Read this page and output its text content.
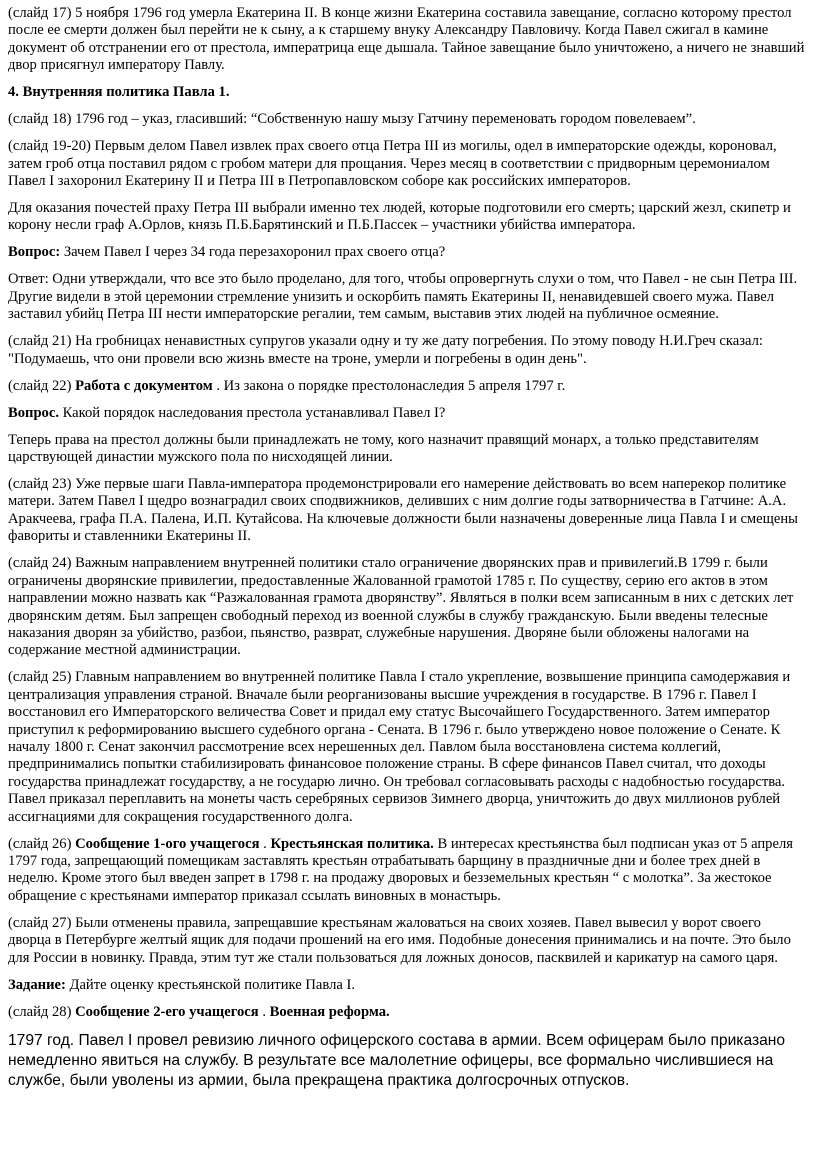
(слайд 17) 5 ноября 1796 год умерла Екатерина II. В конце жизни Екатерина составила завещание, согласно которому престол после ее смерти должен был перейти не к сыну, а к старшему внуку Александру Павловичу. Когда Павел сжигал в камине документ об отстранении его от престола, императрица еще дышала. Тайное завещание было уничтожено, а ничего не знавший двор присягнул императору Павлу.

4. Внутренняя политика Павла 1.

(слайд 18) 1796 год – указ, гласивший: “Собственную нашу мызу Гатчину переменовать городом повелеваем”.

(слайд 19-20) Первым делом Павел извлек прах своего отца Петра III из могилы, одел в императорские одежды, короновал, затем гроб отца поставил рядом с гробом матери для прощания. Через месяц в соответствии с придворным церемониалом Павел I захоронил Екатерину II и Петра III в Петропавловском соборе как российских императоров.

Для оказания почестей праху Петра III выбрали именно тех людей, которые подготовили его смерть; царский жезл, скипетр и корону несли граф А.Орлов, князь П.Б.Барятинский и П.Б.Пассек – участники убийства императора.

Вопрос: Зачем Павел I через 34 года перезахоронил прах своего отца?

Ответ: Одни утверждали, что все это было проделано, для того, чтобы опровергнуть слухи о том, что Павел - не сын Петра III. Другие видели в этой церемонии стремление унизить и оскорбить память Екатерины II, ненавидевшей своего мужа. Павел заставил убийц Петра III нести императорские регалии, тем самым, выставив этих людей на публичное осмеяние.

(слайд 21) На гробницах ненавистных супругов указали одну и ту же дату погребения. По этому поводу Н.И.Греч сказал: "Подумаешь, что они провели всю жизнь вместе на троне, умерли и погребены в один день".

(слайд 22) Работа с документом . Из закона о порядке престолонаследия 5 апреля 1797 г.

Вопрос. Какой порядок наследования престола устанавливал Павел I?

Теперь права на престол должны были принадлежать не тому, кого назначит правящий монарх, а только представителям царствующей династии мужского пола по нисходящей линии.

(слайд 23) Уже первые шаги Павла-императора продемонстрировали его намерение действовать во всем наперекор политике матери. Затем Павел I щедро вознаградил своих сподвижников, деливших с ним долгие годы затворничества в Гатчине: А.А. Аракчеева, графа П.А. Палена, И.П. Кутайсова. На ключевые должности были назначены доверенные лица Павла I и смещены фавориты и ставленники Екатерины II.

(слайд 24) Важным направлением внутренней политики стало ограничение дворянских прав и привилегий.В 1799 г. были ограничены дворянские привилегии, предоставленные Жалованной грамотой 1785 г. По существу, серию его актов в этом направлении можно назвать как “Разжалованная грамота дворянству”. Являться в полки всем записанным в них с детских лет дворянским детям. Был запрещен свободный переход из военной службы в службу гражданскую. Были введены телесные наказания дворян за убийство, разбои, пьянство, разврат, служебные нарушения. Дворяне были обложены налогами на содержание местной администрации.

(слайд 25) Главным направлением во внутренней политике Павла I стало укрепление, возвышение принципа самодержавия и централизация управления страной. Вначале были реорганизованы высшие учреждения в государстве. В 1796 г. Павел I восстановил его Императорского величества Совет и придал ему статус Высочайшего Государственного. Затем император приступил к реформированию высшего судебного органа - Сената. В 1796 г. было утверждено новое положение о Сенате. К началу 1800 г. Сенат закончил рассмотрение всех нерешенных дел. Павлом была восстановлена система коллегий, предпринимались попытки стабилизировать финансовое положение страны. В сфере финансов Павел считал, что доходы государства принадлежат государству, а не государю лично. Он требовал согласовывать расходы с надобностью государства. Павел приказал переплавить на монеты часть серебряных сервизов Зимнего дворца, уничтожить до двух миллионов рублей ассигнациями для сокращения государственного долга.

(слайд 26) Сообщение 1-ого учащегося . Крестьянская политика. В интересах крестьянства был подписан указ от 5 апреля 1797 года, запрещающий помещикам заставлять крестьян отрабатывать барщину в праздничные дни и более трех дней в неделю. Кроме этого был введен запрет в 1798 г. на продажу дворовых и безземельных крестьян “ с молотка”. За жестокое обращение с крестьянами император приказал ссылать виновных в монастырь.

(слайд 27) Были отменены правила, запрещавшие крестьянам жаловаться на своих хозяев. Павел вывесил у ворот своего дворца в Петербурге желтый ящик для подачи прошений на его имя. Подобные донесения принимались и на почте. Это было для России в новинку. Правда, этим тут же стали пользоваться для ложных доносов, пасквилей и карикатур на самого царя.

Задание: Дайте оценку крестьянской политике Павла I.

(слайд 28) Сообщение 2-его учащегося . Военная реформа.

1797 год. Павел I провел ревизию личного офицерского состава в армии. Всем офицерам было приказано немедленно явиться на службу. В результате все малолетние офицеры, все формально числившиеся на службе, были уволены из армии, была прекращена практика долгосрочных отпусков.
